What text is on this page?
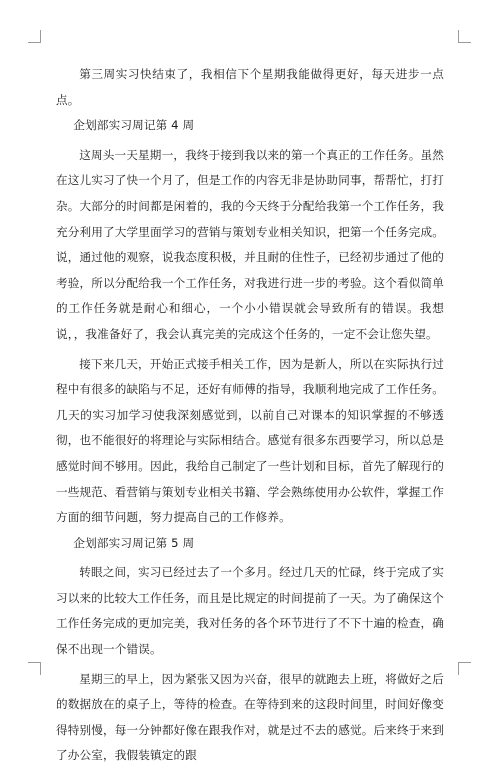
第三周实习快结束了，我相信下个星期我能做得更好，每天进步一点点。

企划部实习周记第 4 周

这周头一天星期一，我终于接到我以来的第一个真正的工作任务。虽然在这儿实习了快一个月了，但是工作的内容无非是协助同事，帮帮忙，打打杂。大部分的时间都是闲着的，我的今天终于分配给我第一个工作任务，我充分利用了大学里面学习的营销与策划专业相关知识，把第一个任务完成。说，通过他的观察，说我态度积极，并且耐的住性子，已经初步通过了他的考验，所以分配给我一个工作任务，对我进行进一步的考验。这个看似简单的工作任务就是耐心和细心，一个小小错误就会导致所有的错误。我想说，，我准备好了，我会认真完美的完成这个任务的，一定不会让您失望。

接下来几天，开始正式接手相关工作，因为是新人，所以在实际执行过程中有很多的缺陷与不足，还好有师傅的指导，我顺利地完成了工作任务。几天的实习加学习使我深刻感觉到，以前自己对课本的知识掌握的不够透彻，也不能很好的将理论与实际相结合。感觉有很多东西要学习，所以总是感觉时间不够用。因此，我给自己制定了一些计划和目标，首先了解现行的一些规范、看营销与策划专业相关书籍、学会熟练使用办公软件，掌握工作方面的细节问题，努力提高自己的工作修养。

企划部实习周记第 5 周

转眼之间，实习已经过去了一个多月。经过几天的忙碌，终于完成了实习以来的比较大工作任务，而且是比规定的时间提前了一天。为了确保这个工作任务完成的更加完美，我对任务的各个环节进行了不下十遍的检查，确保不出现一个错误。

星期三的早上，因为紧张又因为兴奋，很早的就跑去上班，将做好之后的数据放在的桌子上，等待的检查。在等待到来的这段时间里，时间好像变得特别慢，每一分钟都好像在跟我作对，就是过不去的感觉。后来终于来到了办公室，我假装镇定的跟
